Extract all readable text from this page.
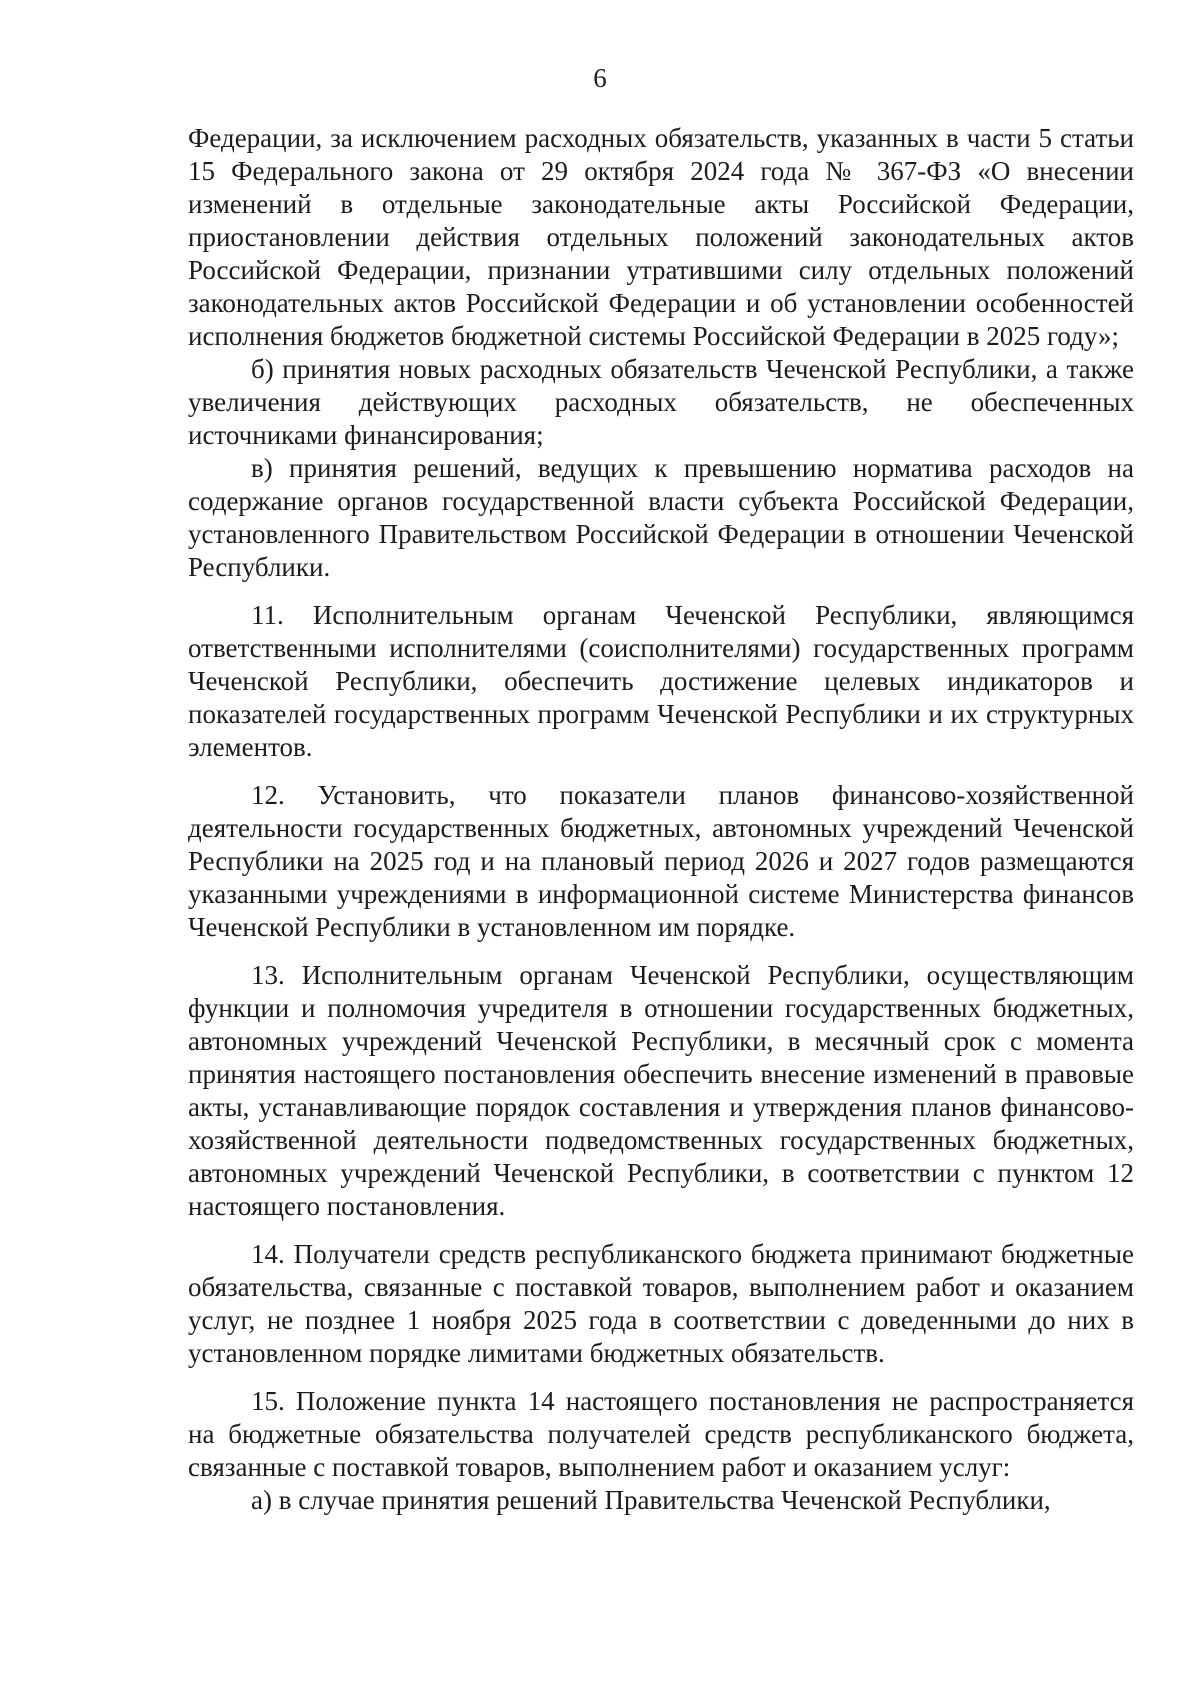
6

Федерации, за исключением расходных обязательств, указанных в части 5 статьи 15 Федерального закона от 29 октября 2024 года № 367-ФЗ «О внесении изменений в отдельные законодательные акты Российской Федерации, приостановлении действия отдельных положений законодательных актов Российской Федерации, признании утратившими силу отдельных положений законодательных актов Российской Федерации и об установлении особенностей исполнения бюджетов бюджетной системы Российской Федерации в 2025 году»;

б) принятия новых расходных обязательств Чеченской Республики, а также увеличения действующих расходных обязательств, не обеспеченных источниками финансирования;

в) принятия решений, ведущих к превышению норматива расходов на содержание органов государственной власти субъекта Российской Федерации, установленного Правительством Российской Федерации в отношении Чеченской Республики.

11. Исполнительным органам Чеченской Республики, являющимся ответственными исполнителями (соисполнителями) государственных программ Чеченской Республики, обеспечить достижение целевых индикаторов и показателей государственных программ Чеченской Республики и их структурных элементов.

12. Установить, что показатели планов финансово-хозяйственной деятельности государственных бюджетных, автономных учреждений Чеченской Республики на 2025 год и на плановый период 2026 и 2027 годов размещаются указанными учреждениями в информационной системе Министерства финансов Чеченской Республики в установленном им порядке.

13. Исполнительным органам Чеченской Республики, осуществляющим функции и полномочия учредителя в отношении государственных бюджетных, автономных учреждений Чеченской Республики, в месячный срок с момента принятия настоящего постановления обеспечить внесение изменений в правовые акты, устанавливающие порядок составления и утверждения планов финансово-хозяйственной деятельности подведомственных государственных бюджетных, автономных учреждений Чеченской Республики, в соответствии с пунктом 12 настоящего постановления.

14. Получатели средств республиканского бюджета принимают бюджетные обязательства, связанные с поставкой товаров, выполнением работ и оказанием услуг, не позднее 1 ноября 2025 года в соответствии с доведенными до них в установленном порядке лимитами бюджетных обязательств.

15. Положение пункта 14 настоящего постановления не распространяется на бюджетные обязательства получателей средств республиканского бюджета, связанные с поставкой товаров, выполнением работ и оказанием услуг:

а) в случае принятия решений Правительства Чеченской Республики,
